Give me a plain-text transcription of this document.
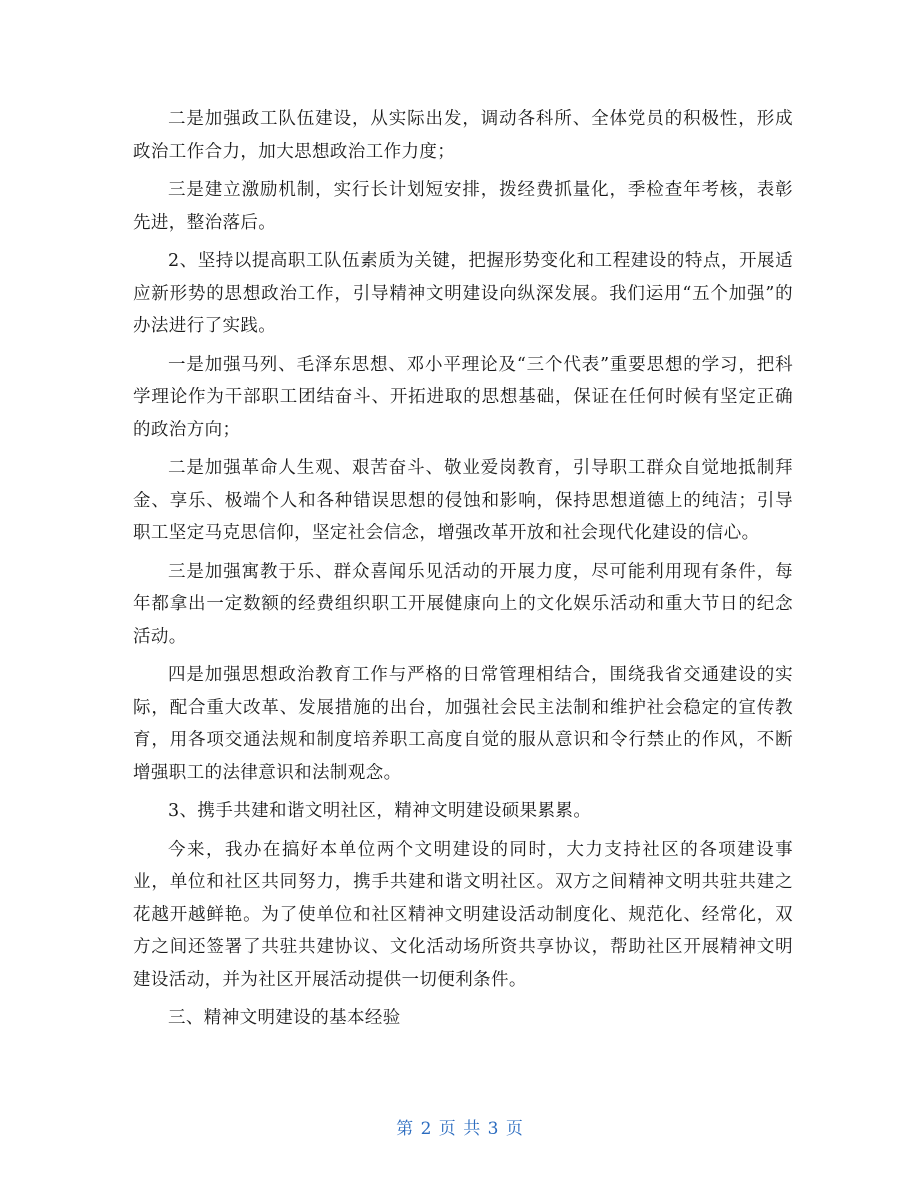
二是加强政工队伍建设，从实际出发，调动各科所、全体党员的积极性，形成政治工作合力，加大思想政治工作力度；

三是建立激励机制，实行长计划短安排，拨经费抓量化，季检查年考核，表彰先进，整治落后。

2、坚持以提高职工队伍素质为关键，把握形势变化和工程建设的特点，开展适应新形势的思想政治工作，引导精神文明建设向纵深发展。我们运用“五个加强”的办法进行了实践。

一是加强马列、毛泽东思想、邓小平理论及“三个代表”重要思想的学习，把科学理论作为干部职工团结奋斗、开拓进取的思想基础，保证在任何时候有坚定正确的政治方向；

二是加强革命人生观、艰苦奋斗、敬业爱岗教育，引导职工群众自觉地抵制拜金、享乐、极端个人和各种错误思想的侵蚀和影响，保持思想道德上的纯洁；引导职工坚定马克思信仰，坚定社会信念，增强改革开放和社会现代化建设的信心。

三是加强寓教于乐、群众喜闻乐见活动的开展力度，尽可能利用现有条件，每年都拿出一定数额的经费组织职工开展健康向上的文化娱乐活动和重大节日的纪念活动。

四是加强思想政治教育工作与严格的日常管理相结合，围绕我省交通建设的实际，配合重大改革、发展措施的出台，加强社会民主法制和维护社会稳定的宣传教育，用各项交通法规和制度培养职工高度自觉的服从意识和令行禁止的作风，不断增强职工的法律意识和法制观念。

3、携手共建和谐文明社区，精神文明建设硕果累累。

今来，我办在搞好本单位两个文明建设的同时，大力支持社区的各项建设事业，单位和社区共同努力，携手共建和谐文明社区。双方之间精神文明共驻共建之花越开越鲜艳。为了使单位和社区精神文明建设活动制度化、规范化、经常化，双方之间还签署了共驻共建协议、文化活动场所资共享协议，帮助社区开展精神文明建设活动，并为社区开展活动提供一切便利条件。

三、精神文明建设的基本经验

第 2 页 共 3 页
